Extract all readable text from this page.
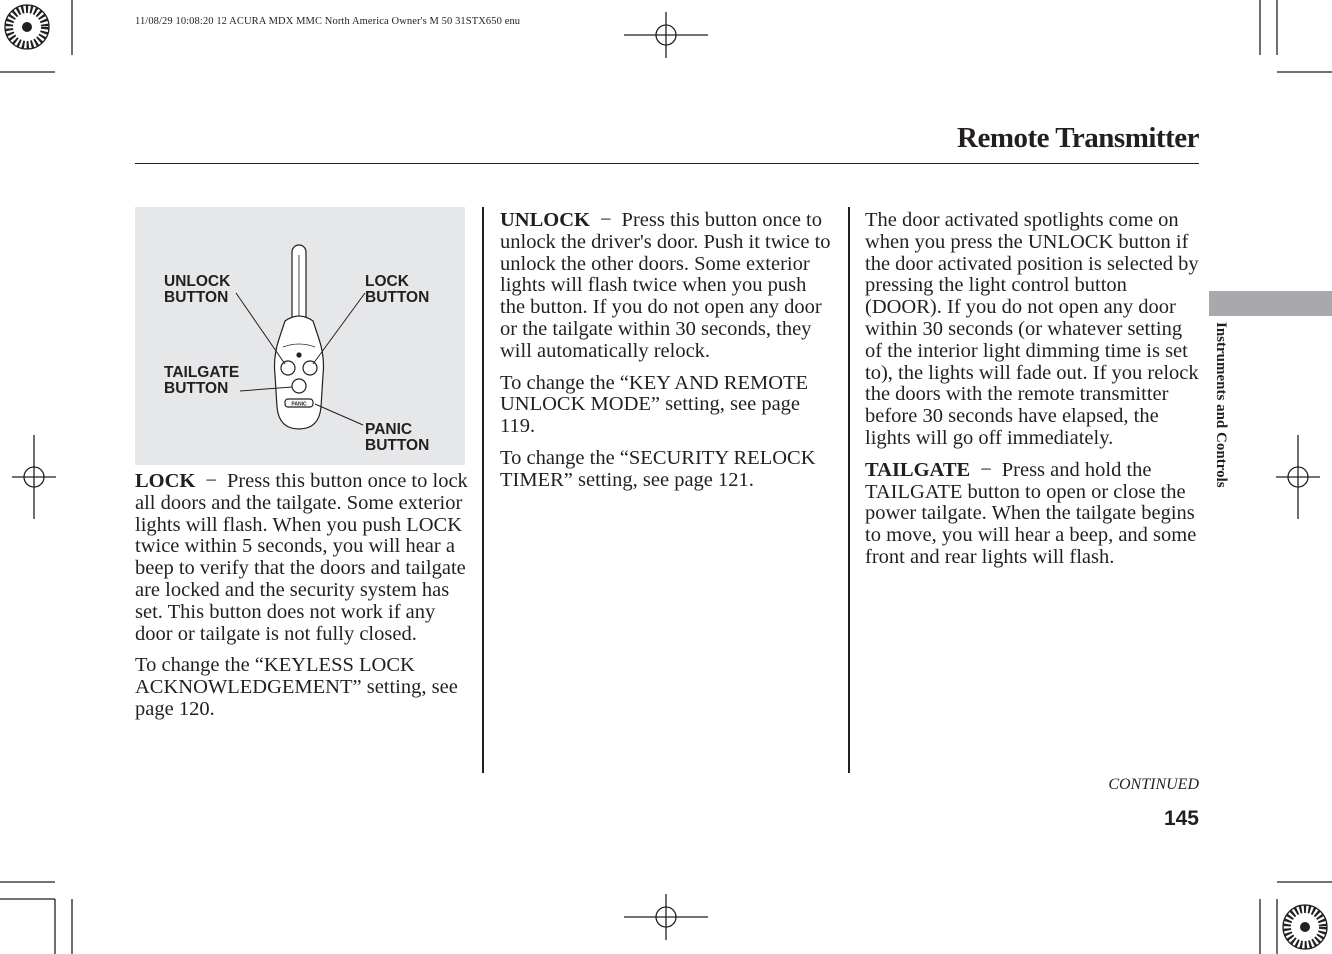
11/08/29 10:08:20 12 ACURA MDX MMC North America Owner's M 50 31STX650 enu
Remote Transmitter
PANIC
UNLOCK
BUTTON
LOCK
BUTTON
TAILGATE
BUTTON
PANIC
BUTTON

LOCK − Press this button once to lock all doors and the tailgate. Some exterior lights will flash. When you push LOCK twice within 5 seconds, you will hear a beep to verify that the doors and tailgate are locked and the security system has set. This button does not work if any door or tailgate is not fully closed.

To change the “KEYLESS LOCK ACKNOWLEDGEMENT” setting, see page 120.

UNLOCK − Press this button once to unlock the driver's door. Push it twice to unlock the other doors. Some exterior lights will flash twice when you push the button. If you do not open any door or the tailgate within 30 seconds, they will automatically relock.

To change the “KEY AND REMOTE UNLOCK MODE” setting, see page 119.

To change the “SECURITY RELOCK TIMER” setting, see page 121.

The door activated spotlights come on when you press the UNLOCK button if the door activated position is selected by pressing the light control button (DOOR). If you do not open any door within 30 seconds (or whatever setting of the interior light dimming time is set to), the lights will fade out. If you relock the doors with the remote transmitter before 30 seconds have elapsed, the lights will go off immediately.

TAILGATE − Press and hold the TAILGATE button to open or close the power tailgate. When the tailgate begins to move, you will hear a beep, and some front and rear lights will flash.

Instruments and Controls
CONTINUED
145
